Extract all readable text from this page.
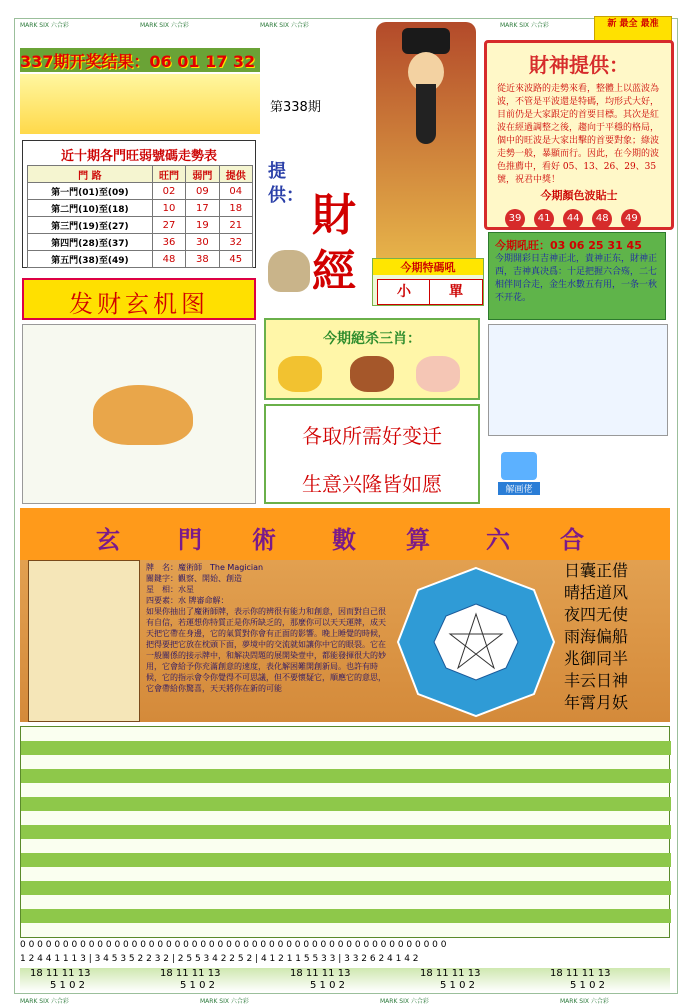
MARK SIX 六合彩	MARK SIX 六合彩	MARK SIX 六合彩	MARK SIX 六合彩
MARK SIX 六合彩	MARK SIX 六合彩	MARK SIX 六合彩	MARK SIX 六合彩
337期开奖结果：06 01 17 32
第338期
新 最全 最准
財神提供：
從近來波路的走勢來看，整體上以蓝波為波，不管是平波還是特碼，均形式大好，目前仍是大家跟定的首要目標。其次是紅波在經過調整之後，趨向于平穩的格局，個中的旺波是大家出擊的首要對象；綠波走勢一般，暴顯而行。因此，在今期的波色推薦中，看好 05、13、26、29、35號，祝君中獎！
今期顏色波貼士
39 41 44 48 49
近十期各門旺弱號碼走勢表
門 路	旺門	弱門	提供
第一門(01)至(09)	02	09	04
第二門(10)至(18)	10	17	18
第三門(19)至(27)	27	19	21
第四門(28)至(37)	36	30	32
第五門(38)至(49)	48	38	45
提供： 財經	今期特碼吼
小	單
今期吼旺：03 06 25 31 45
今期開彩日吉神正北，貴神正东，財神正西，吉神真决爲：十足把握六合殇，二七相伴同合走，金生水數五有用，一条一秋不开花。
发财玄机图
今期絕杀三肖：
各取所需好变迁
生意兴隆皆如愿	解画佬
玄 門 術 數 算 六 合
牌　名：魔術師　The Magician
關鍵字：觀察、開始、創造
星　相：水星
四要素：水 牌審命解：
如果你抽出了魔術師牌，表示你的辨很有能力和創意，因而對自己很有自信，若運想你特質正是你所缺乏的，那麼你可以天天運牌，成天天把它帶在身邊，它的氣質對你會有正面的影響。晚上睡覺的時候，把得要把它放在枕頭下面，夢境中的交流就如讓你中它的眼裂。它在一般關係的接示牌中，和解决問題的展開染壹中，都能發揮很大的妙用，它會給予你充滿創意的速度，表化解困難開創新局。也許有時候，它的指示會令你覺得不可思議，但不要懷疑它，順應它的意思，它會帶給你驚喜，天天將你在新的可能
日囊正借
晴括道风
夜四无使
雨海偏船
兆御同半
丰云日神
年霄月妖
0 0 0 0 0 0 0 0 0 0 0 0 0 0 0 0 0 0 0 0 0 0 0 0 0 0 0 0 0 0 0 0 0 0 0 0 0 0 0 0 0 0 0 0 0 0 0 0 0 0
1 2 4 4 1 1 1 3 | 3 4 5 3 5 2 2 3 2 | 2 5 5 3 4 2 2 5 2 | 4 1 2 1 1 5 5 3 3 | 3 3 2 6 2 4 1 4 2
18 11 11 13	18 11 11 13	18 11 11 13	18 11 11 13	18 11 11 13
5 1 0 2	5 1 0 2	5 1 0 2	5 1 0 2	5 1 0 2
